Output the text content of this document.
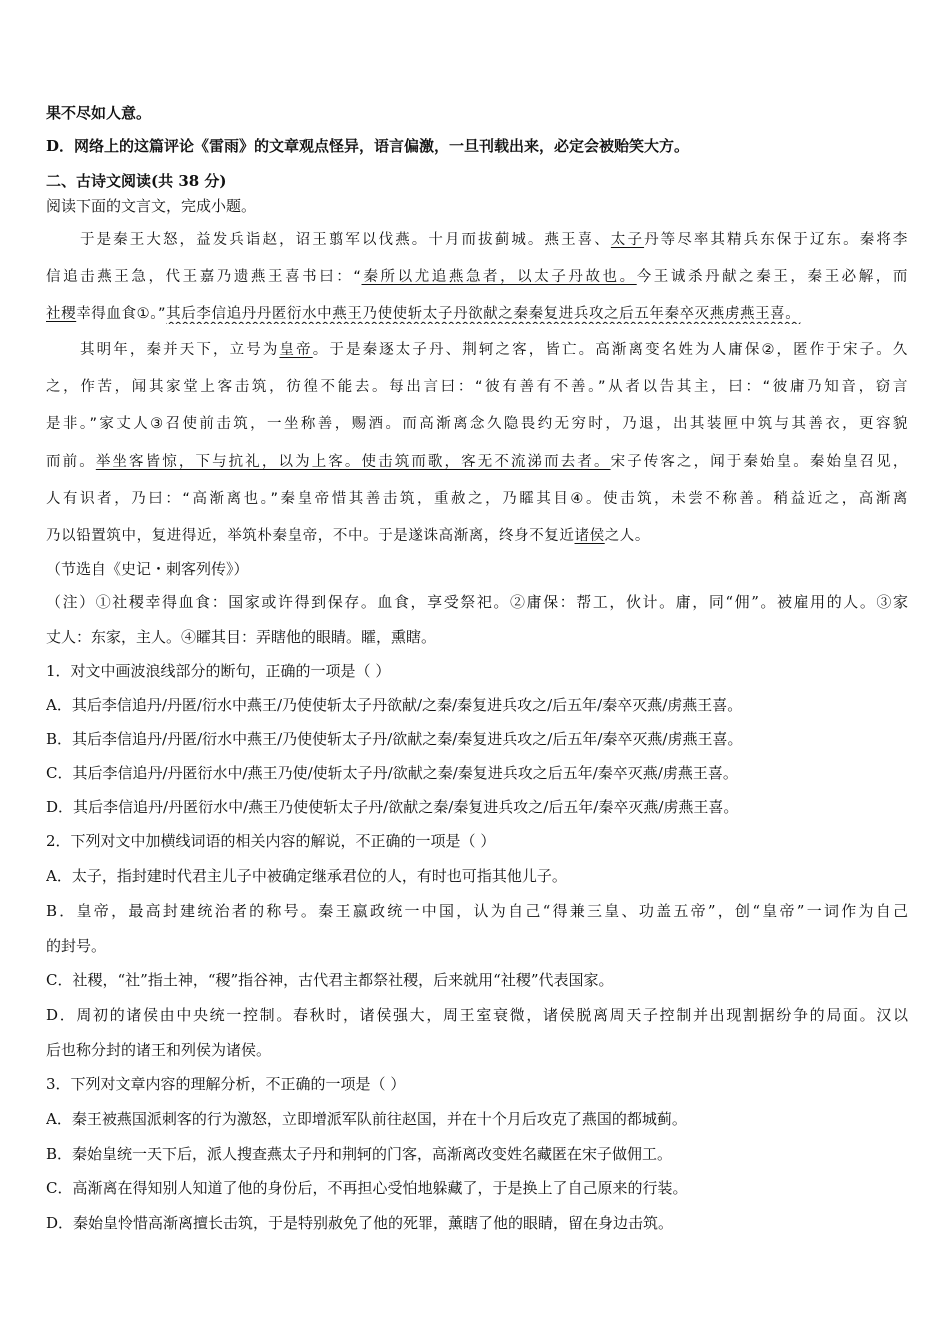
果不尽如人意。
D．网络上的这篇评论《雷雨》的文章观点怪异，语言偏激，一旦刊载出来，必定会被贻笑大方。
二、古诗文阅读(共 38 分)
阅读下面的文言文，完成小题。
于是秦王大怒，益发兵诣赵，诏王翦军以伐燕。十月而拔蓟城。燕王喜、太子丹等尽率其精兵东保于辽东。秦将李
信追击燕王急，代王嘉乃遗燕王喜书曰：“秦所以尤追燕急者，以太子丹故也。今王诚杀丹献之秦王，秦王必解，而
社稷幸得血食①。”其后李信追丹丹匿衍水中燕王乃使使斩太子丹欲献之秦秦复进兵攻之后五年秦卒灭燕虏燕王喜。
其明年，秦并天下，立号为皇帝。于是秦逐太子丹、荆轲之客，皆亡。高渐离变名姓为人庸保②，匿作于宋子。久
之，作苦，闻其家堂上客击筑，彷徨不能去。每出言曰：“彼有善有不善。”从者以告其主，曰：“彼庸乃知音，窃言
是非。”家丈人③召使前击筑，一坐称善，赐酒。而高渐离念久隐畏约无穷时，乃退，出其装匣中筑与其善衣，更容貌
而前。举坐客皆惊，下与抗礼，以为上客。使击筑而歌，客无不流涕而去者。宋子传客之，闻于秦始皇。秦始皇召见，
人有识者，乃曰：“高渐离也。”秦皇帝惜其善击筑，重赦之，乃矐其目④。使击筑，未尝不称善。稍益近之，高渐离
乃以铅置筑中，复进得近，举筑朴秦皇帝，不中。于是遂诛高渐离，终身不复近诸侯之人。
（节选自《史记・刺客列传》）
（注）①社稷幸得血食：国家或许得到保存。血食，享受祭祀。②庸保：帮工，伙计。庸，同“佣”。被雇用的人。③家
丈人：东家，主人。④矐其目：弄瞎他的眼睛。矐，熏瞎。
1．对文中画波浪线部分的断句，正确的一项是（ ）
A．其后李信追丹/丹匿/衍水中燕王/乃使使斩太子丹欲献/之秦/秦复进兵攻之/后五年/秦卒灭燕/虏燕王喜。
B．其后李信追丹/丹匿/衍水中燕王/乃使使斩太子丹/欲献之秦/秦复进兵攻之/后五年/秦卒灭燕/虏燕王喜。
C．其后李信追丹/丹匿衍水中/燕王乃使/使斩太子丹/欲献之秦/秦复进兵攻之后五年/秦卒灭燕/虏燕王喜。
D．其后李信追丹/丹匿衍水中/燕王乃使使斩太子丹/欲献之秦/秦复进兵攻之/后五年/秦卒灭燕/虏燕王喜。
2．下列对文中加横线词语的相关内容的解说，不正确的一项是（ ）
A．太子，指封建时代君主儿子中被确定继承君位的人，有时也可指其他儿子。
B．皇帝，最高封建统治者的称号。秦王嬴政统一中国，认为自己“得兼三皇、功盖五帝”，创“皇帝”一词作为自己
的封号。
C．社稷，“社”指土神，“稷”指谷神，古代君主都祭社稷，后来就用“社稷”代表国家。
D．周初的诸侯由中央统一控制。春秋时，诸侯强大，周王室衰微，诸侯脱离周天子控制并出现割据纷争的局面。汉以
后也称分封的诸王和列侯为诸侯。
3．下列对文章内容的理解分析，不正确的一项是（ ）
A．秦王被燕国派刺客的行为激怒，立即增派军队前往赵国，并在十个月后攻克了燕国的都城蓟。
B．秦始皇统一天下后，派人搜查燕太子丹和荆轲的门客，高渐离改变姓名藏匿在宋子做佣工。
C．高渐离在得知别人知道了他的身份后，不再担心受怕地躲藏了，于是换上了自己原来的行装。
D．秦始皇怜惜高渐离擅长击筑，于是特别赦免了他的死罪，薰瞎了他的眼睛，留在身边击筑。
